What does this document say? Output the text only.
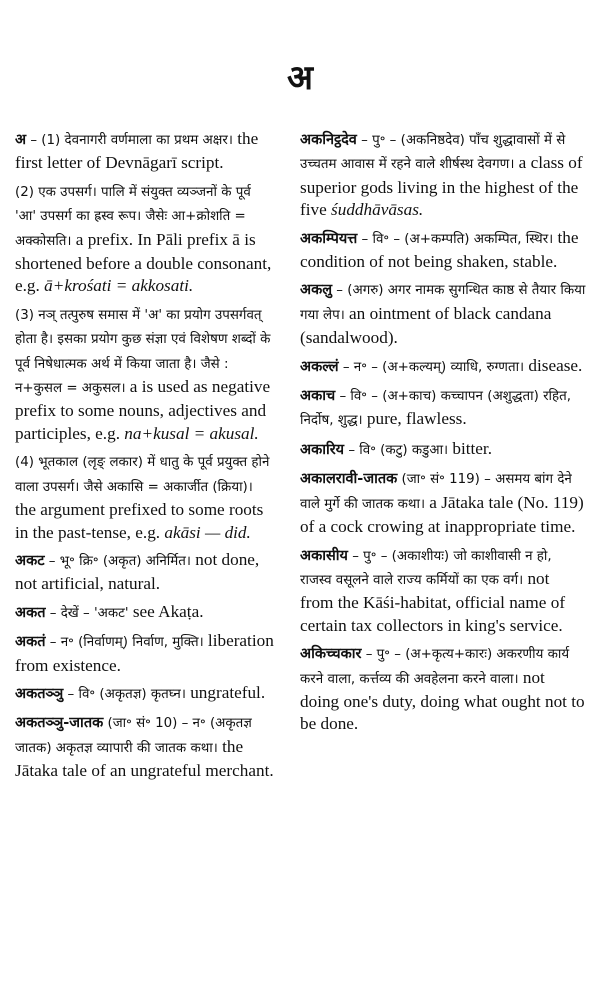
अ

अ – (1) देवनागरी वर्णमाला का प्रथम अक्षर। the first letter of Devnāgarī script.

(2) एक उपसर्ग। पालि में संयुक्त व्यञ्जनों के पूर्व 'आ' उपसर्ग का ह्रस्व रूप। जैसेः आ+क्रोशति = अक्कोसति। a prefix. In Pāli prefix ā is shortened before a double consonant, e.g. ā+krośati = akkosati.

(3) नञ् तत्पुरुष समास में 'अ' का प्रयोग उपसर्गवत् होता है। इसका प्रयोग कुछ संज्ञा एवं विशेषण शब्दों के पूर्व निषेधात्मक अर्थ में किया जाता है। जैसे : न+कुसल = अकुसल। a is used as negative prefix to some nouns, adjectives and participles, e.g. na+kusal = akusal.

(4) भूतकाल (लृङ् लकार) में धातु के पूर्व प्रयुक्त होने वाला उपसर्ग। जैसे अकासि = अकार्जीत (क्रिया)। the argument prefixed to some roots in the past-tense, e.g. akāsi — did.

अकट – भू॰ क्रि॰ (अकृत) अनिर्मित। not done, not artificial, natural.

अकत – देखें – 'अकट' see Akaṭa.

अकतं – न॰ (निर्वाणम्) निर्वाण, मुक्ति। liberation from existence.

अकतञ्ञु – वि॰ (अकृतज्ञ) कृतघ्न। ungrateful.

अकतञ्ञु-जातक (जा॰ सं॰ 10) – न॰ (अकृतज्ञ जातक) अकृतज्ञ व्यापारी की जातक कथा। the Jātaka tale of an ungrateful merchant.

अकनिट्ठदेव – पु॰ – (अकनिष्ठदेव) पाँच शुद्धावासों में से उच्चतम आवास में रहने वाले शीर्षस्थ देवगण। a class of superior gods living in the highest of the five śuddhāvāsas.

अकम्पियत्त – वि॰ – (अ+कम्पति) अकम्पित, स्थिर। the condition of not being shaken, stable.

अकलु – (अगरु) अगर नामक सुगन्धित काष्ठ से तैयार किया गया लेप। an ointment of black candana (sandalwood).

अकल्लं – न॰ – (अ+कल्यम्) व्याधि, रुग्णता। disease.

अकाच – वि॰ – (अ+काच) कच्चापन (अशुद्धता) रहित, निर्दोष, शुद्ध। pure, flawless.

अकारिय – वि॰ (कटु) कडुआ। bitter.

अकालरावी-जातक (जा॰ सं॰ 119) – असमय बांग देने वाले मुर्गे की जातक कथा। a Jātaka tale (No. 119) of a cock crowing at inappropriate time.

अकासीय – पु॰ – (अकाशीयः) जो काशीवासी न हो, राजस्व वसूलने वाले राज्य कर्मियों का एक वर्ग। not from the Kāśi-habitat, official name of certain tax collectors in king's service.

अकिच्चकार – पु॰ – (अ+कृत्य+कारः) अकरणीय कार्य करने वाला, कर्त्तव्य की अवहेलना करने वाला। not doing one's duty, doing what ought not to be done.
